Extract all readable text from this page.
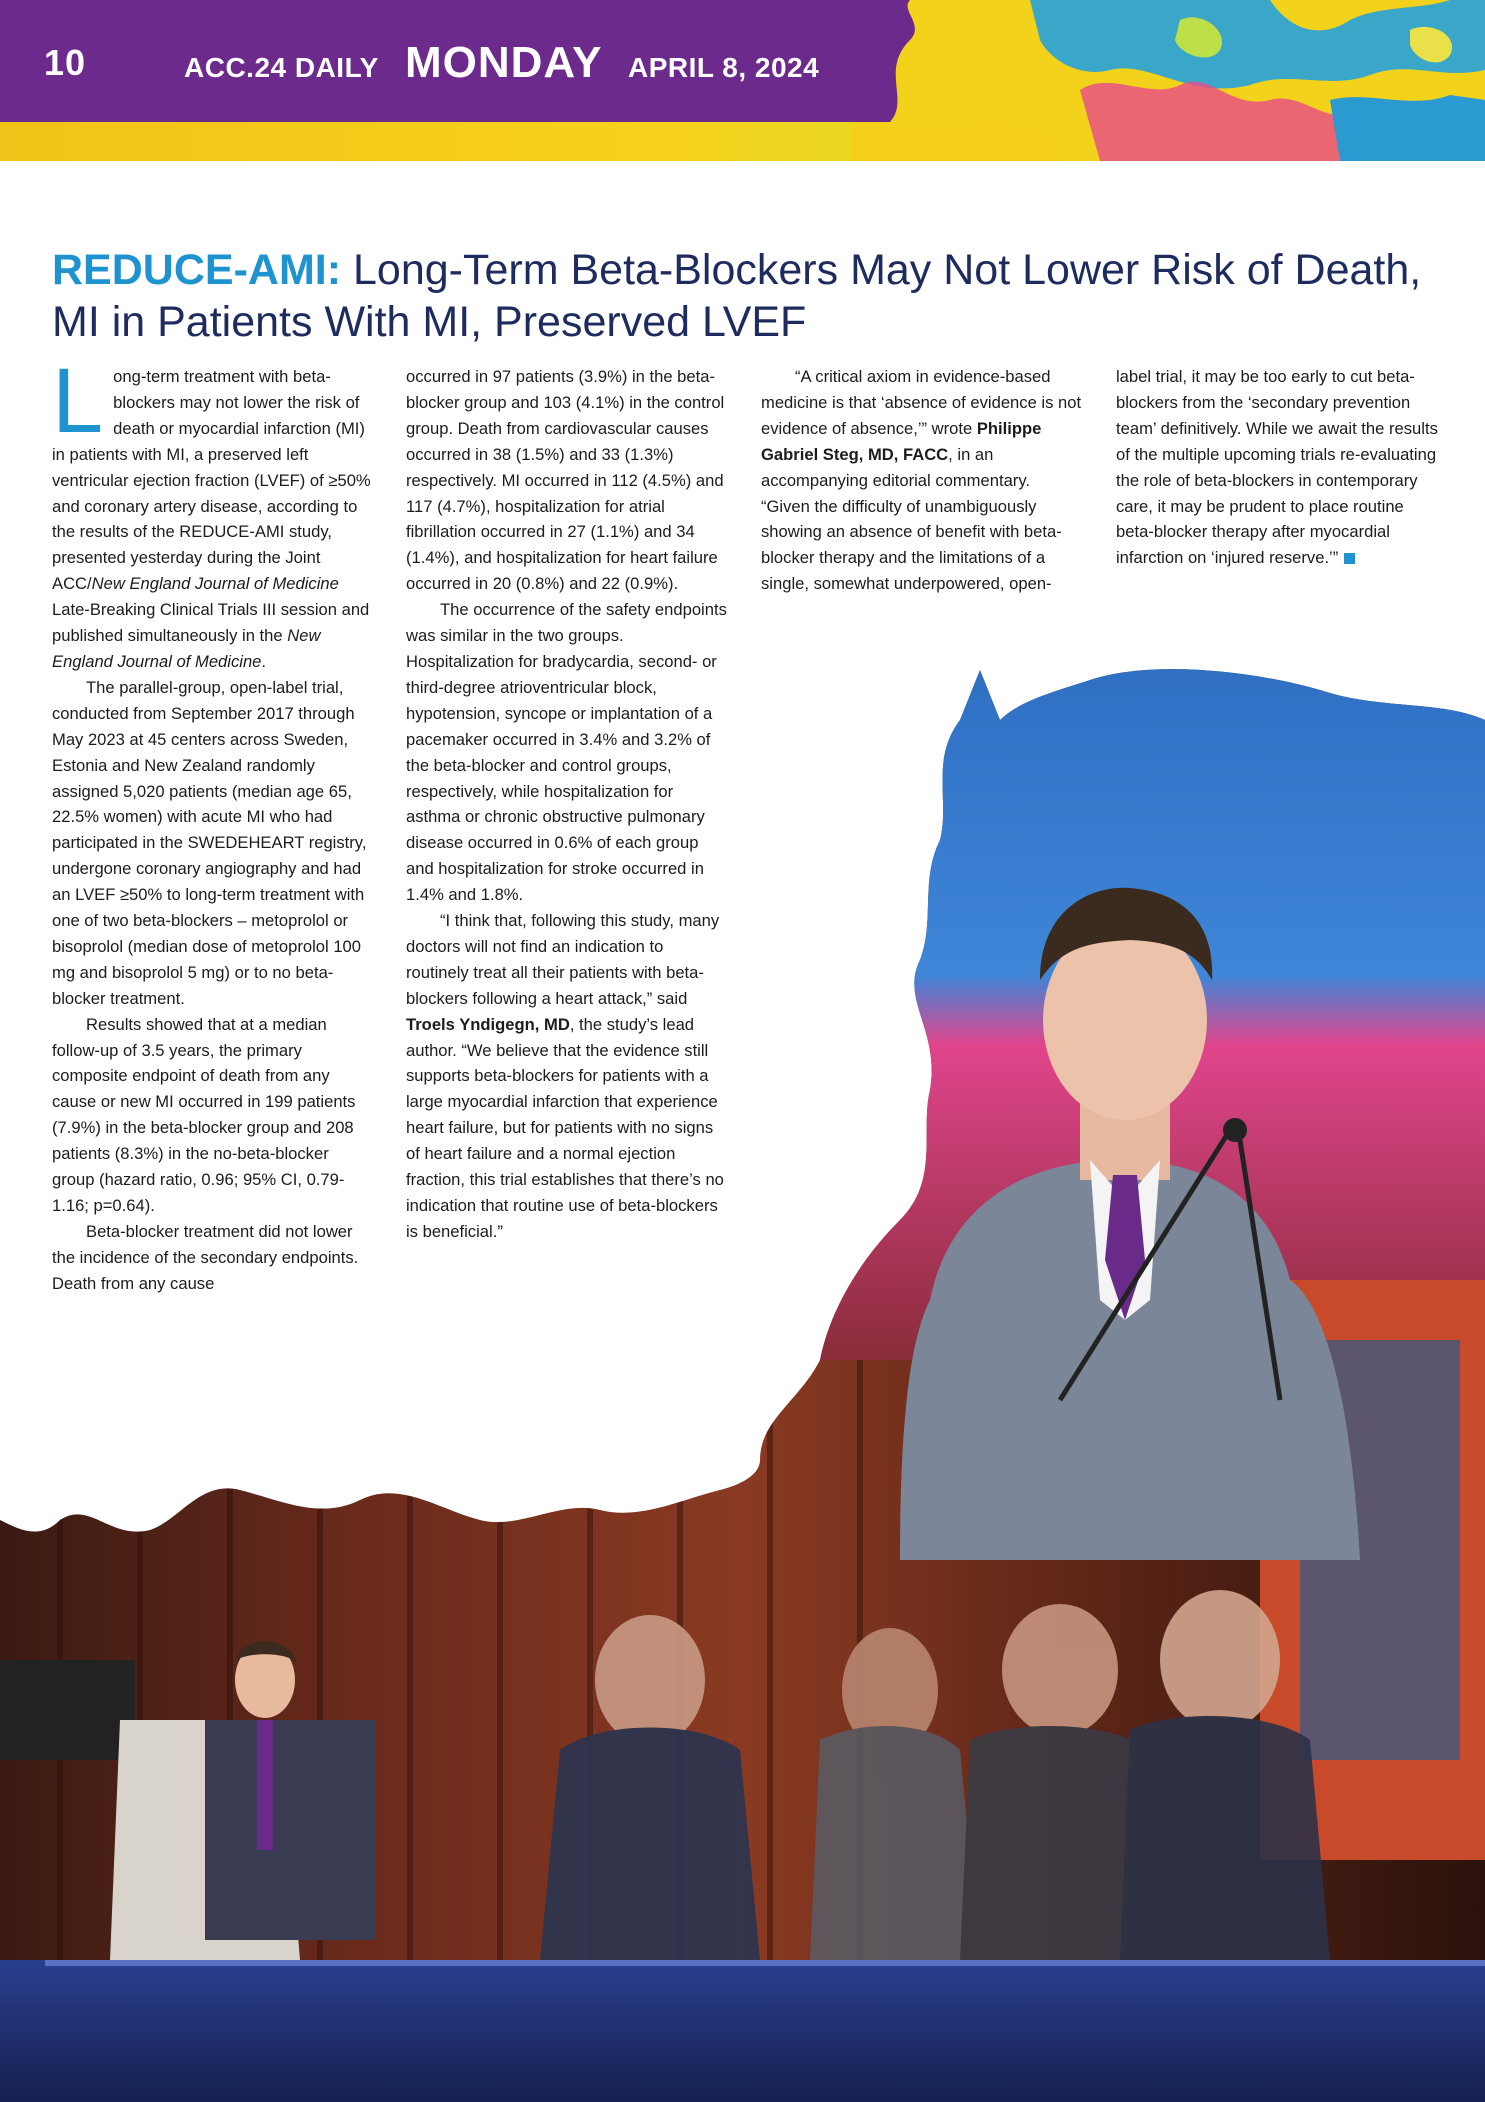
10	ACC.24 DAILY MONDAY APRIL 8, 2024
REDUCE-AMI: Long-Term Beta-Blockers May Not Lower Risk of Death, MI in Patients With MI, Preserved LVEF

Long-term treatment with beta-blockers may not lower the risk of death or myocardial infarction (MI) in patients with MI, a preserved left ventricular ejection fraction (LVEF) of ≥50% and coronary artery disease, according to the results of the REDUCE-AMI study, presented yesterday during the Joint ACC/New England Journal of Medicine Late-Breaking Clinical Trials III session and published simultaneously in the New England Journal of Medicine.

The parallel-group, open-label trial, conducted from September 2017 through May 2023 at 45 centers across Sweden, Estonia and New Zealand randomly assigned 5,020 patients (median age 65, 22.5% women) with acute MI who had participated in the SWEDEHEART registry, undergone coronary angiography and had an LVEF ≥50% to long-term treatment with one of two beta-blockers – metoprolol or bisoprolol (median dose of metoprolol 100 mg and bisoprolol 5 mg) or to no beta-blocker treatment.

Results showed that at a median follow-up of 3.5 years, the primary composite endpoint of death from any cause or new MI occurred in 199 patients (7.9%) in the beta-blocker group and 208 patients (8.3%) in the no-beta-blocker group (hazard ratio, 0.96; 95% CI, 0.79-1.16; p=0.64).

Beta-blocker treatment did not lower the incidence of the secondary endpoints. Death from any cause

occurred in 97 patients (3.9%) in the beta-blocker group and 103 (4.1%) in the control group. Death from cardiovascular causes occurred in 38 (1.5%) and 33 (1.3%) respectively. MI occurred in 112 (4.5%) and 117 (4.7%), hospitalization for atrial fibrillation occurred in 27 (1.1%) and 34 (1.4%), and hospitalization for heart failure occurred in 20 (0.8%) and 22 (0.9%).

The occurrence of the safety endpoints was similar in the two groups. Hospitalization for bradycardia, second- or third-degree atrioventricular block, hypotension, syncope or implantation of a pacemaker occurred in 3.4% and 3.2% of the beta-blocker and control groups, respectively, while hospitalization for asthma or chronic obstructive pulmonary disease occurred in 0.6% of each group and hospitalization for stroke occurred in 1.4% and 1.8%.

“I think that, following this study, many doctors will not find an indication to routinely treat all their patients with beta-blockers following a heart attack,” said Troels Yndigegn, MD, the study’s lead author. “We believe that the evidence still supports beta-blockers for patients with a large myocardial infarction that experience heart failure, but for patients with no signs of heart failure and a normal ejection fraction, this trial establishes that there’s no indication that routine use of beta-blockers is beneficial.”

“A critical axiom in evidence-based medicine is that ‘absence of evidence is not evidence of absence,’” wrote Philippe Gabriel Steg, MD, FACC, in an accompanying editorial commentary. “Given the difficulty of unambiguously showing an absence of benefit with beta-blocker therapy and the limitations of a single, somewhat underpowered, open-

label trial, it may be too early to cut beta-blockers from the ‘secondary prevention team’ definitively. While we await the results of the multiple upcoming trials re-evaluating the role of beta-blockers in contemporary care, it may be prudent to place routine beta-blocker therapy after myocardial infarction on ‘injured reserve.’”
